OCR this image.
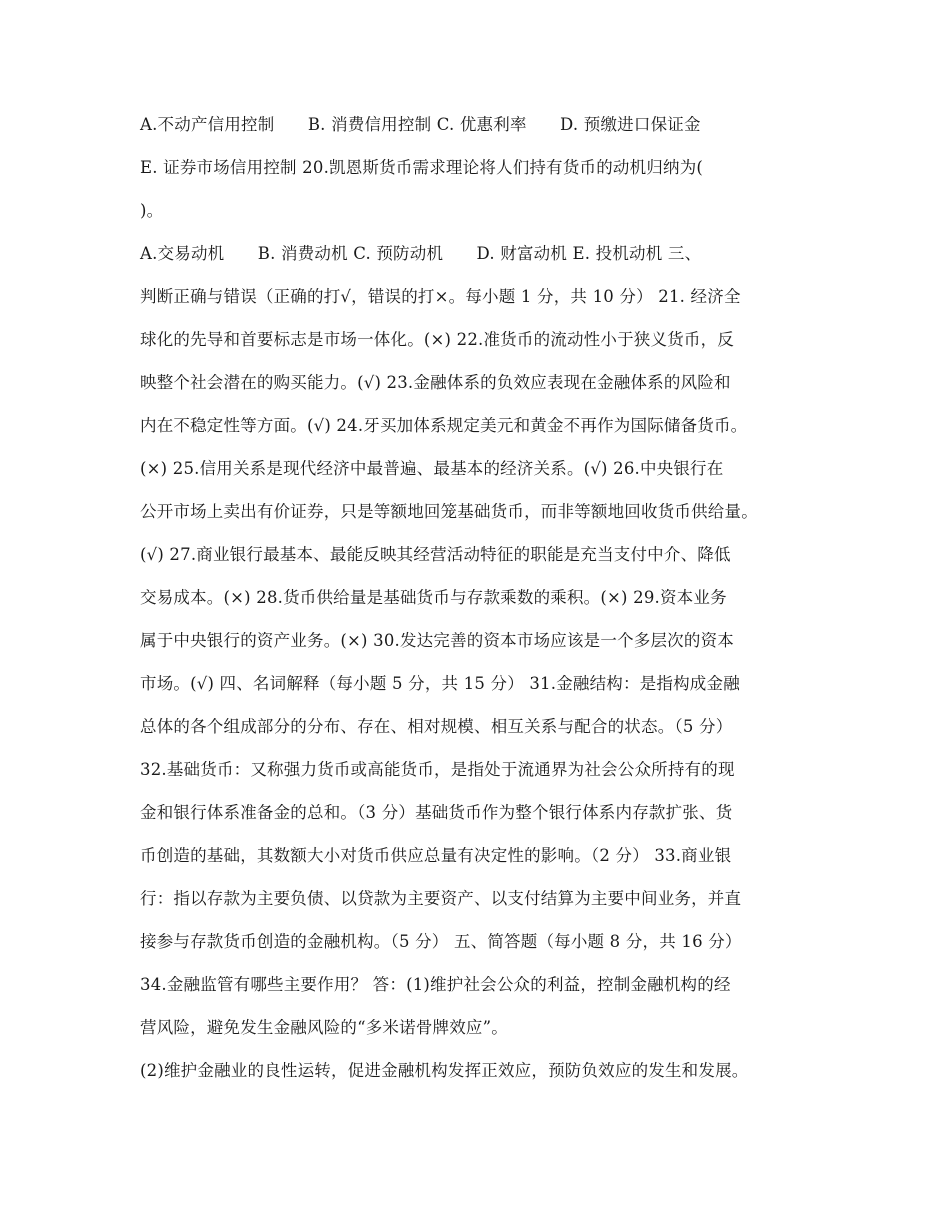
A.不动产信用控制　　B. 消费信用控制 C. 优惠利率　　D. 预缴进口保证金
E. 证券市场信用控制 20.凯恩斯货币需求理论将人们持有货币的动机归纳为(
)。
A.交易动机　　B. 消费动机 C. 预防动机　　D. 财富动机 E. 投机动机 三、
判断正确与错误（正确的打√，错误的打×。每小题 1 分，共 10 分） 21. 经济全
球化的先导和首要标志是市场一体化。(×) 22.准货币的流动性小于狭义货币，反
映整个社会潜在的购买能力。(√) 23.金融体系的负效应表现在金融体系的风险和
内在不稳定性等方面。(√) 24.牙买加体系规定美元和黄金不再作为国际储备货币。
(×) 25.信用关系是现代经济中最普遍、最基本的经济关系。(√) 26.中央银行在
公开市场上卖出有价证券，只是等额地回笼基础货币，而非等额地回收货币供给量。
(√) 27.商业银行最基本、最能反映其经营活动特征的职能是充当支付中介、降低
交易成本。(×) 28.货币供给量是基础货币与存款乘数的乘积。(×) 29.资本业务
属于中央银行的资产业务。(×) 30.发达完善的资本市场应该是一个多层次的资本
市场。(√) 四、名词解释（每小题 5 分，共 15 分） 31.金融结构：是指构成金融
总体的各个组成部分的分布、存在、相对规模、相互关系与配合的状态。（5 分）
32.基础货币：又称强力货币或高能货币，是指处于流通界为社会公众所持有的现
金和银行体系准备金的总和。（3 分）基础货币作为整个银行体系内存款扩张、货
币创造的基础，其数额大小对货币供应总量有决定性的影响。（2 分） 33.商业银
行：指以存款为主要负债、以贷款为主要资产、以支付结算为主要中间业务，并直
接参与存款货币创造的金融机构。（5 分） 五、简答题（每小题 8 分，共 16 分）
34.金融监管有哪些主要作用？ 答：(1)维护社会公众的利益，控制金融机构的经
营风险，避免发生金融风险的“多米诺骨牌效应”。
(2)维护金融业的良性运转，促进金融机构发挥正效应，预防负效应的发生和发展。
